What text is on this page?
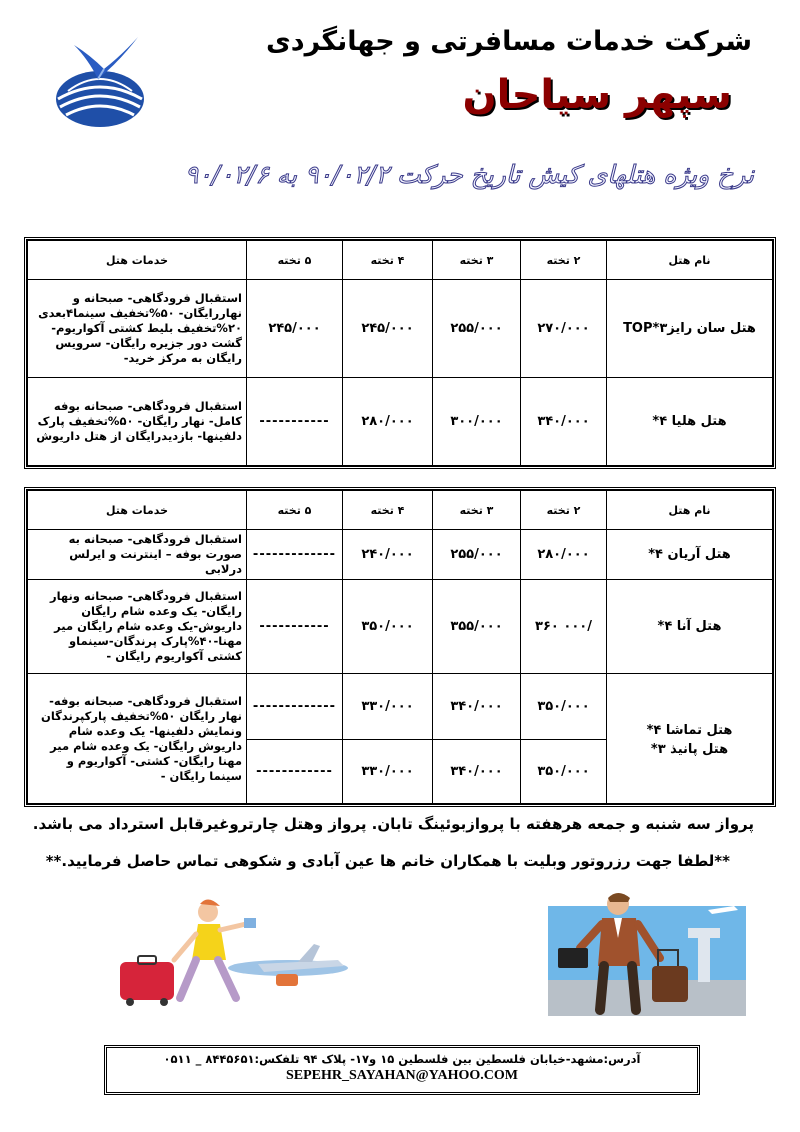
شرکت خدمات مسافرتی و جهانگردی
سپهر سیاحان
نرخ ویژه هتلهای کیش تاریخ حرکت ۹۰/۰۲/۲ به ۹۰/۰۲/۶
نام هتل	۲ تخته	۳ تخته	۴ تخته	۵ تخته	خدمات هتل
هتل سان رایز۳*TOP	۲۷۰/۰۰۰	۲۵۵/۰۰۰	۲۴۵/۰۰۰	۲۴۵/۰۰۰	استقبال فرودگاهی- صبحانه و نهاررایگان- ۵۰%تخفیف سینما۴بعدی ۲۰%تخفیف بلیط کشتی آکواریوم- گشت دور جزیره رایگان- سرویس رایگان به مرکز خرید-
هتل هلیا ۴*	۳۴۰/۰۰۰	۳۰۰/۰۰۰	۲۸۰/۰۰۰	-----------	استقبال فرودگاهی- صبحانه بوفه کامل- نهار رایگان- ۵۰%تخفیف پارک دلفینها- بازدیدرایگان از هتل داریوش
نام هتل	۲ تخته	۳ تخته	۴ تخته	۵ تخته	خدمات هتل
هتل آریان ۴*	۲۸۰/۰۰۰	۲۵۵/۰۰۰	۲۴۰/۰۰۰	-------------	استقبال فرودگاهی- صبحانه به صورت بوفه – اینترنت و ایرلس درلابی
هتل آنا ۴*	/۰۰۰ ۳۶۰	۳۵۵/۰۰۰	۳۵۰/۰۰۰	-----------	استقبال فرودگاهی- صبحانه ونهار رایگان- یک وعده شام رایگان داریوش-یک وعده شام رایگان میر مهنا-۴۰%پارک پرندگان-سینماو کشتی آکواریوم رایگان -
هتل تماشا ۴*	۳۵۰/۰۰۰	۳۴۰/۰۰۰	۳۳۰/۰۰۰	-------------	استقبال فرودگاهی- صبحانه بوفه- نهار رایگان ۵۰%تخفیف پارکپرندگان ونمایش دلفینها- یک وعده شام داریوش رایگان- یک وعده شام میر مهنا رایگان- کشتی- آکواریوم و سینما رایگان -
هتل پانیذ ۳*	۳۵۰/۰۰۰	۳۴۰/۰۰۰	۳۳۰/۰۰۰	------------	
پرواز سه شنبه و جمعه هرهفته با پروازبوئینگ تابان. پرواز وهتل چارتروغیرقابل استرداد می باشد.
**لطفا جهت رزروتور وبلیت با همکاران خانم ها عین آبادی و شکوهی تماس حاصل فرمایید.**
آدرس:مشهد-خیابان فلسطین بین فلسطین ۱۵ و۱۷- پلاک ۹۴ تلفکس:۸۴۴۵۶۵۱ _ ۰۵۱۱
SEPEHR_SAYAHAN@YAHOO.COM
